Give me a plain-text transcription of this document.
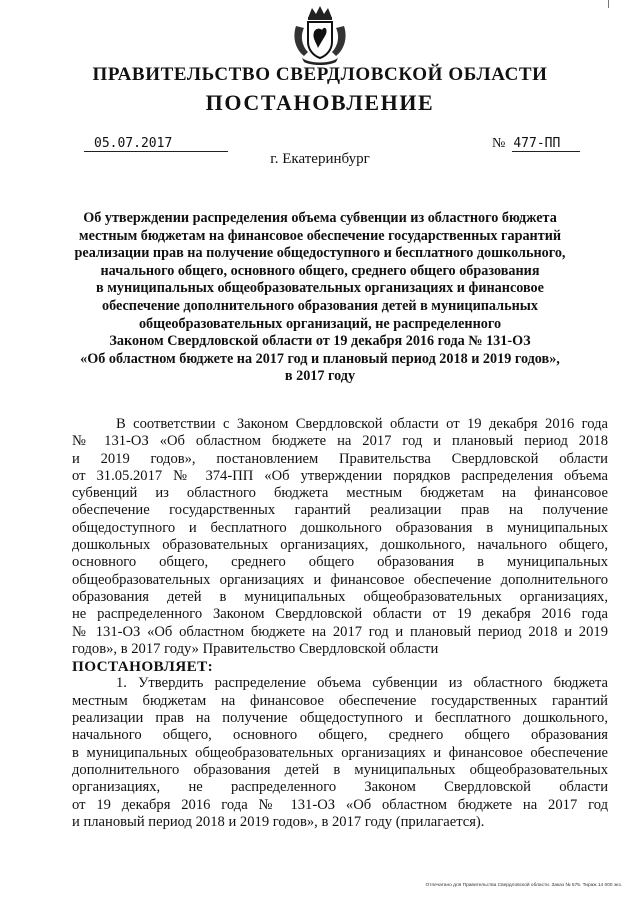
ПРАВИТЕЛЬСТВО СВЕРДЛОВСКОЙ ОБЛАСТИ
ПОСТАНОВЛЕНИЕ
05.07.2017	№ 477-ПП
г. Екатеринбург
Об утверждении распределения объема субвенции из областного бюджета
местным бюджетам на финансовое обеспечение государственных гарантий
реализации прав на получение общедоступного и бесплатного дошкольного,
начального общего, основного общего, среднего общего образования
в муниципальных общеобразовательных организациях и финансовое
обеспечение дополнительного образования детей в муниципальных
общеобразовательных организаций, не распределенного
Законом Свердловской области от 19 декабря 2016 года № 131-ОЗ
«Об областном бюджете на 2017 год и плановый период 2018 и 2019 годов»,
в 2017 году
В соответствии с Законом Свердловской области от 19 декабря 2016 года
№ 131-ОЗ «Об областном бюджете на 2017 год и плановый период 2018
и 2019 годов», постановлением Правительства Свердловской области
от 31.05.2017 № 374-ПП «Об утверждении порядков распределения объема
субвенций из областного бюджета местным бюджетам на финансовое
обеспечение государственных гарантий реализации прав на получение
общедоступного и бесплатного дошкольного образования в муниципальных
дошкольных образовательных организациях, дошкольного, начального общего,
основного общего, среднего общего образования в муниципальных
общеобразовательных организациях и финансовое обеспечение дополнительного
образования детей в муниципальных общеобразовательных организациях,
не распределенного Законом Свердловской области от 19 декабря 2016 года
№ 131-ОЗ «Об областном бюджете на 2017 год и плановый период 2018 и 2019
годов», в 2017 году» Правительство Свердловской области
ПОСТАНОВЛЯЕТ:
1. Утвердить распределение объема субвенции из областного бюджета
местным бюджетам на финансовое обеспечение государственных гарантий
реализации прав на получение общедоступного и бесплатного дошкольного,
начального общего, основного общего, среднего общего образования
в муниципальных общеобразовательных организациях и финансовое обеспечение
дополнительного образования детей в муниципальных общеобразовательных
организациях, не распределенного Законом Свердловской области
от 19 декабря 2016 года № 131-ОЗ «Об областном бюджете на 2017 год
и плановый период 2018 и 2019 годов», в 2017 году (прилагается).
Отпечатано для Правительства Свердловской области. Заказ № 575. Тираж 14 000 экз.
